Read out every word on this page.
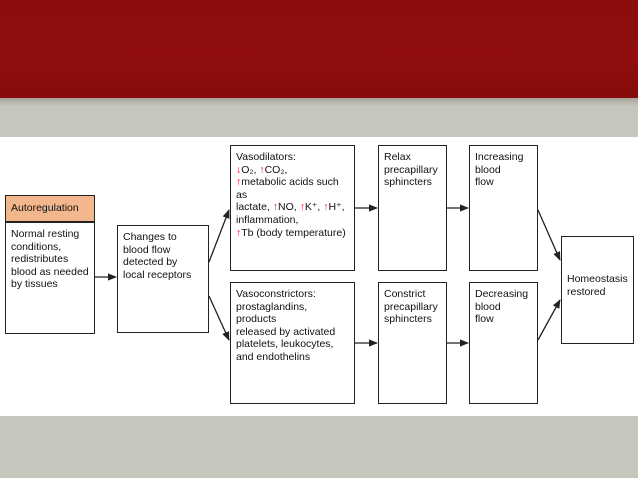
Autoregulation
Normal resting
conditions,
redistributes
blood as needed
by tissues
Changes to
blood flow
detected by
local receptors
Vasodilators:
↓O₂, ↑CO₂,
↑metabolic acids such as
lactate, ↑NO, ↑K⁺, ↑H⁺,
inflammation,
↑Tb (body temperature)
Vasoconstrictors:
prostaglandins, products
released by activated
platelets, leukocytes,
and endothelins
Relax
precapillary
sphincters
Constrict
precapillary
sphincters
Increasing
blood
flow
Decreasing
blood
flow
Homeostasis
restored
